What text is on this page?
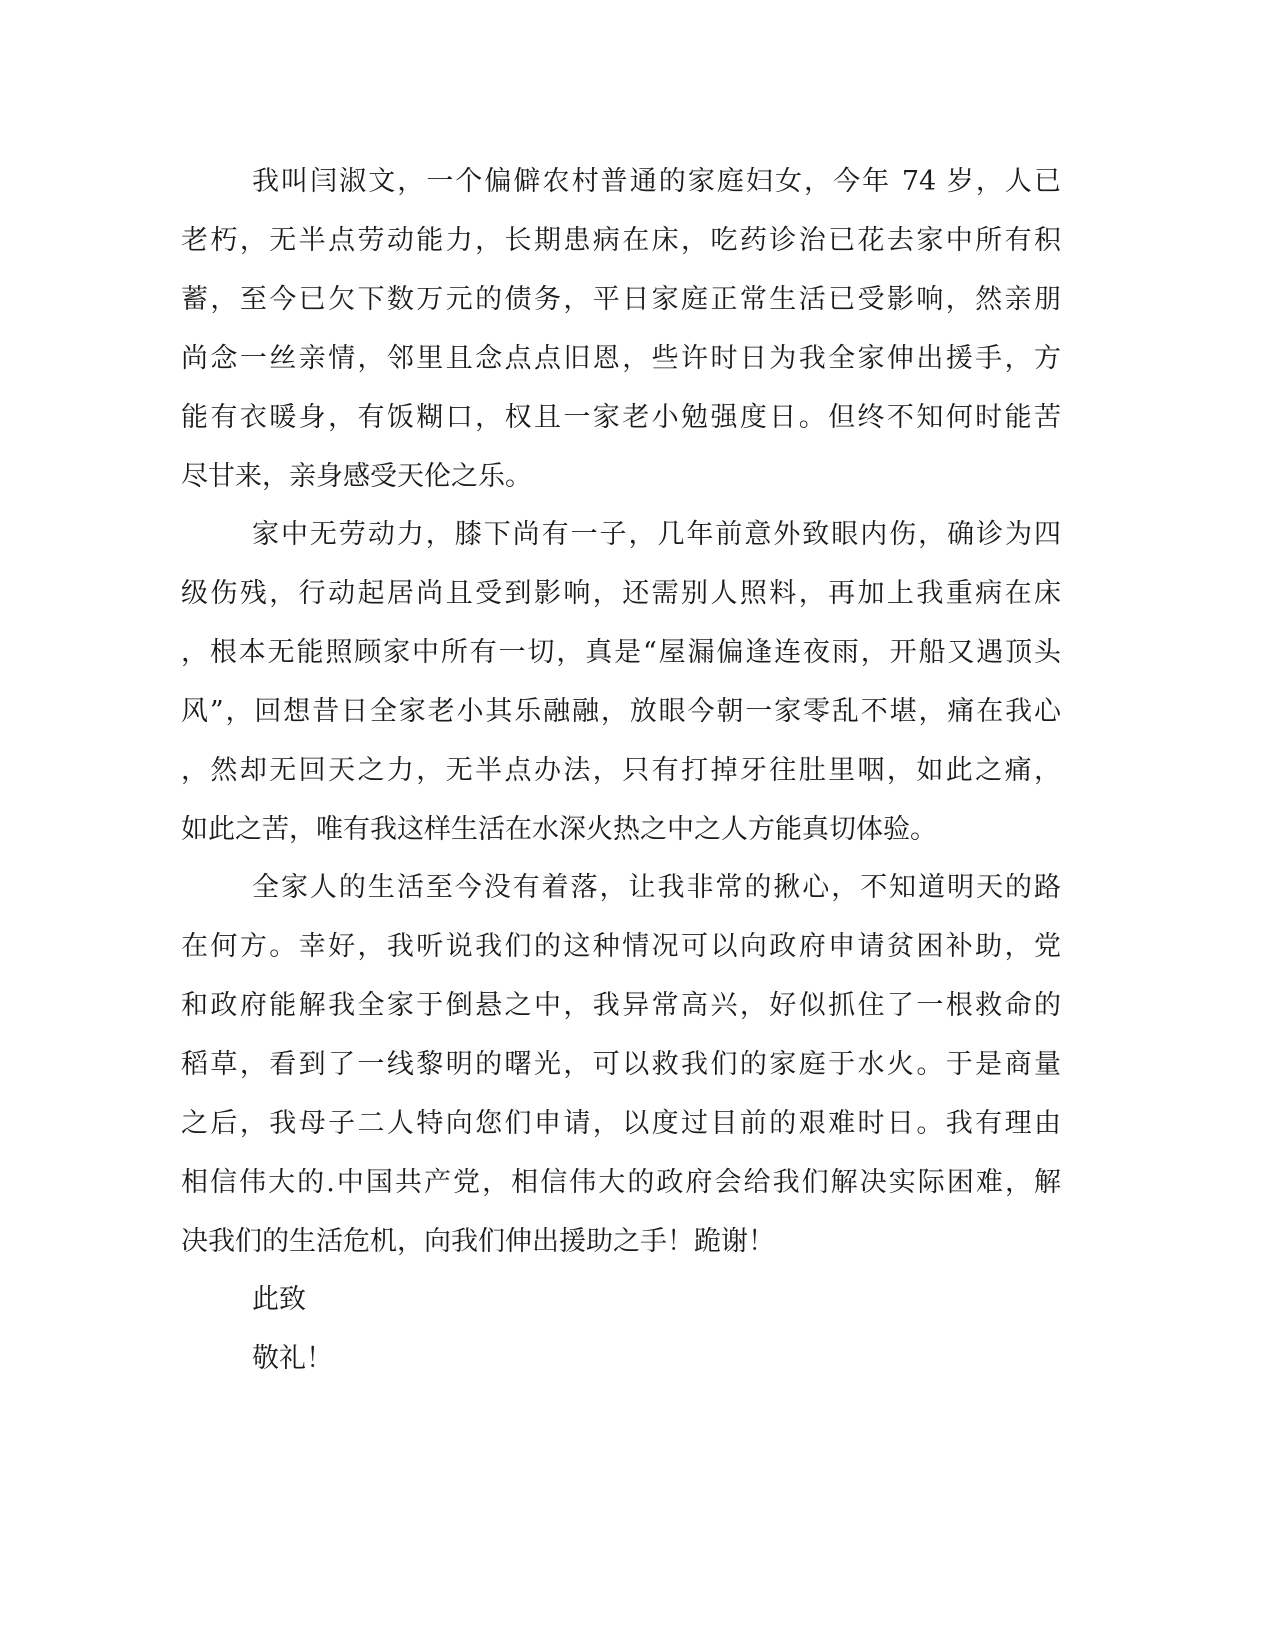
我叫闫淑文，一个偏僻农村普通的家庭妇女，今年 74 岁，人已
老朽，无半点劳动能力，长期患病在床，吃药诊治已花去家中所有积
蓄，至今已欠下数万元的债务，平日家庭正常生活已受影响，然亲朋
尚念一丝亲情，邻里且念点点旧恩，些许时日为我全家伸出援手，方
能有衣暖身，有饭糊口，权且一家老小勉强度日。但终不知何时能苦
尽甘来，亲身感受天伦之乐。
家中无劳动力，膝下尚有一子，几年前意外致眼内伤，确诊为四
级伤残，行动起居尚且受到影响，还需别人照料，再加上我重病在床
，根本无能照顾家中所有一切，真是“屋漏偏逢连夜雨，开船又遇顶头
风”，回想昔日全家老小其乐融融，放眼今朝一家零乱不堪，痛在我心
，然却无回天之力，无半点办法，只有打掉牙往肚里咽，如此之痛，
如此之苦，唯有我这样生活在水深火热之中之人方能真切体验。
全家人的生活至今没有着落，让我非常的揪心，不知道明天的路
在何方。幸好，我听说我们的这种情况可以向政府申请贫困补助，党
和政府能解我全家于倒悬之中，我异常高兴，好似抓住了一根救命的
稻草，看到了一线黎明的曙光，可以救我们的家庭于水火。于是商量
之后，我母子二人特向您们申请，以度过目前的艰难时日。我有理由
相信伟大的.中国共产党，相信伟大的政府会给我们解决实际困难，解
决我们的生活危机，向我们伸出援助之手！跪谢！
此致
敬礼！
